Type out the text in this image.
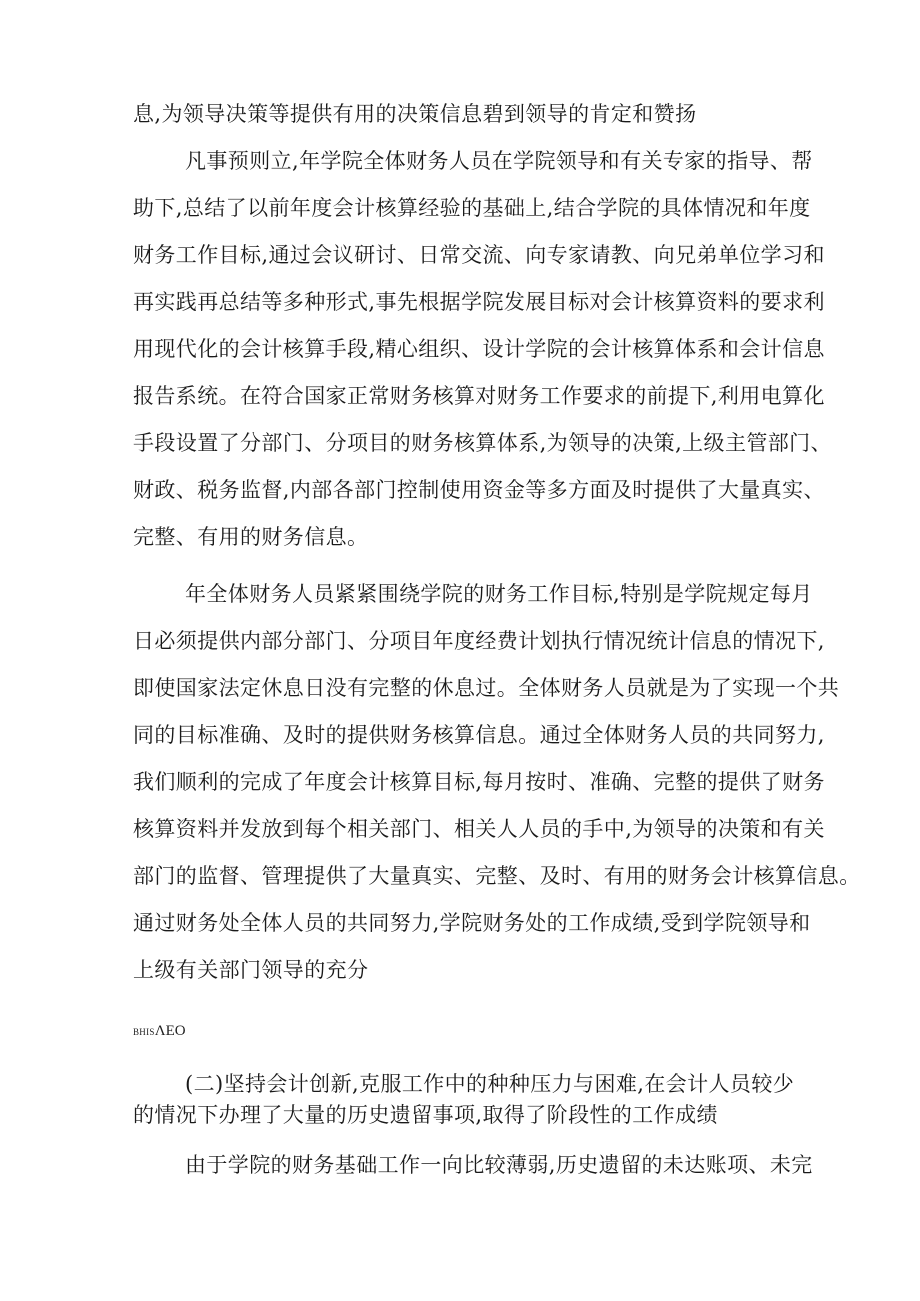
息,为领导决策等提供有用的决策信息碧到领导的肯定和赞扬
凡事预则立,年学院全体财务人员在学院领导和有关专家的指导、帮
助下,总结了以前年度会计核算经验的基础上,结合学院的具体情况和年度
财务工作目标,通过会议研讨、日常交流、向专家请教、向兄弟单位学习和
再实践再总结等多种形式,事先根据学院发展目标对会计核算资料的要求利
用现代化的会计核算手段,精心组织、设计学院的会计核算体系和会计信息
报告系统。在符合国家正常财务核算对财务工作要求的前提下,利用电算化
手段设置了分部门、分项目的财务核算体系,为领导的决策,上级主管部门、
财政、税务监督,内部各部门控制使用资金等多方面及时提供了大量真实、
完整、有用的财务信息。
年全体财务人员紧紧围绕学院的财务工作目标,特别是学院规定每月
日必须提供内部分部门、分项目年度经费计划执行情况统计信息的情况下,
即使国家法定休息日没有完整的休息过。全体财务人员就是为了实现一个共
同的目标准确、及时的提供财务核算信息。通过全体财务人员的共同努力,
我们顺利的完成了年度会计核算目标,每月按时、准确、完整的提供了财务
核算资料并发放到每个相关部门、相关人人员的手中,为领导的决策和有关
部门的监督、管理提供了大量真实、完整、及时、有用的财务会计核算信息。
通过财务处全体人员的共同努力,学院财务处的工作成绩,受到学院领导和
上级有关部门领导的充分
BHISΛEO
(二)坚持会计创新,克服工作中的种种压力与困难,在会计人员较少
的情况下办理了大量的历史遗留事项,取得了阶段性的工作成绩
由于学院的财务基础工作一向比较薄弱,历史遗留的未达账项、未完
